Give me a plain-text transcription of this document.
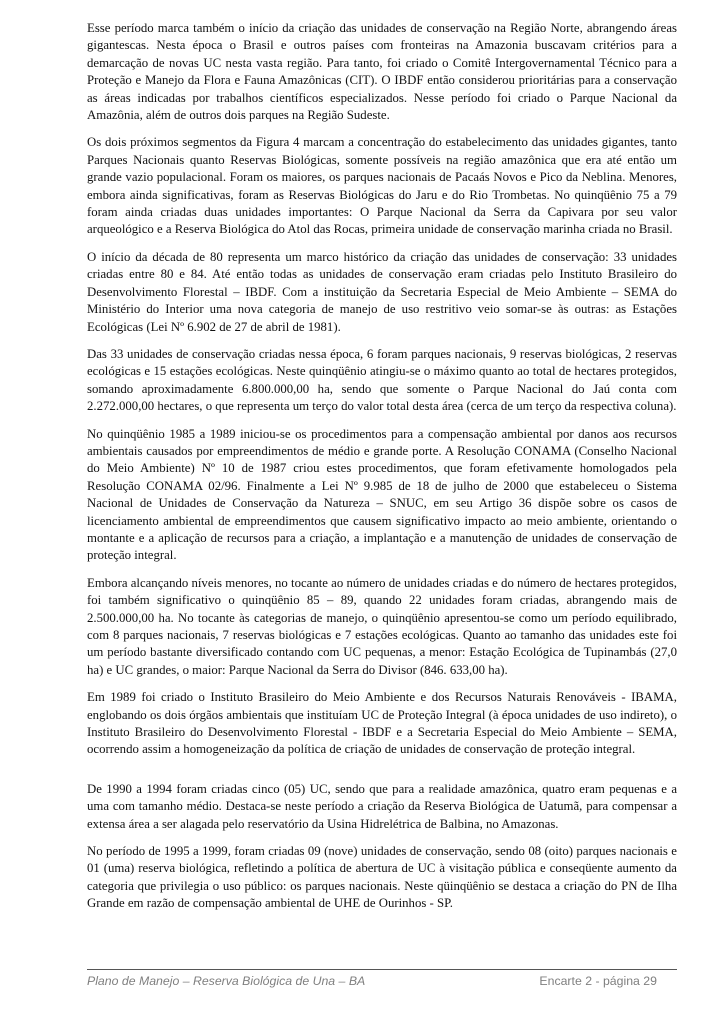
Esse período marca também o início da criação das unidades de conservação na Região Norte, abrangendo áreas gigantescas. Nesta época o Brasil e outros países com fronteiras na Amazonia buscavam critérios para a demarcação de novas UC nesta vasta região. Para tanto, foi criado o Comitê Intergovernamental Técnico para a Proteção e Manejo da Flora e Fauna Amazônicas (CIT). O IBDF então considerou prioritárias para a conservação as áreas indicadas por trabalhos científicos especializados. Nesse período foi criado o Parque Nacional da Amazônia, além de outros dois parques na Região Sudeste.

Os dois próximos segmentos da Figura 4 marcam a concentração do estabelecimento das unidades gigantes, tanto Parques Nacionais quanto Reservas Biológicas, somente possíveis na região amazônica que era até então um grande vazio populacional. Foram os maiores, os parques nacionais de Pacaás Novos e Pico da Neblina. Menores, embora ainda significativas, foram as Reservas Biológicas do Jaru e do Rio Trombetas. No quinqüênio 75 a 79 foram ainda criadas duas unidades importantes: O Parque Nacional da Serra da Capivara por seu valor arqueológico e a Reserva Biológica do Atol das Rocas, primeira unidade de conservação marinha criada no Brasil.

O início da década de 80 representa um marco histórico da criação das unidades de conservação: 33 unidades criadas entre 80 e 84. Até então todas as unidades de conservação eram criadas pelo Instituto Brasileiro do Desenvolvimento Florestal – IBDF. Com a instituição da Secretaria Especial de Meio Ambiente – SEMA do Ministério do Interior uma nova categoria de manejo de uso restritivo veio somar-se às outras: as Estações Ecológicas (Lei Nº 6.902 de 27 de abril de 1981).

Das 33 unidades de conservação criadas nessa época, 6 foram parques nacionais, 9 reservas biológicas, 2 reservas ecológicas e 15 estações ecológicas. Neste quinqüênio atingiu-se o máximo quanto ao total de hectares protegidos, somando aproximadamente 6.800.000,00 ha, sendo que somente o Parque Nacional do Jaú conta com 2.272.000,00 hectares, o que representa um terço do valor total desta área (cerca de um terço da respectiva coluna).

No quinqüênio 1985 a 1989 iniciou-se os procedimentos para a compensação ambiental por danos aos recursos ambientais causados por empreendimentos de médio e grande porte. A Resolução CONAMA (Conselho Nacional do Meio Ambiente) Nº 10 de 1987 criou estes procedimentos, que foram efetivamente homologados pela Resolução CONAMA 02/96. Finalmente a Lei Nº 9.985 de 18 de julho de 2000 que estabeleceu o Sistema Nacional de Unidades de Conservação da Natureza – SNUC, em seu Artigo 36 dispõe sobre os casos de licenciamento ambiental de empreendimentos que causem significativo impacto ao meio ambiente, orientando o montante e a aplicação de recursos para a criação, a implantação e a manutenção de unidades de conservação de proteção integral.

Embora alcançando níveis menores, no tocante ao número de unidades criadas e do número de hectares protegidos, foi também significativo o quinqüênio 85 – 89, quando 22 unidades foram criadas, abrangendo mais de 2.500.000,00 ha. No tocante às categorias de manejo, o quinqüênio apresentou-se como um período equilibrado, com 8 parques nacionais, 7 reservas biológicas e 7 estações ecológicas. Quanto ao tamanho das unidades este foi um período bastante diversificado contando com UC pequenas, a menor: Estação Ecológica de Tupinambás (27,0 ha) e UC grandes, o maior: Parque Nacional da Serra do Divisor (846. 633,00 ha).

Em 1989 foi criado o Instituto Brasileiro do Meio Ambiente e dos Recursos Naturais Renováveis - IBAMA, englobando os dois órgãos ambientais que instituíam UC de Proteção Integral (à época unidades de uso indireto), o Instituto Brasileiro do Desenvolvimento Florestal - IBDF e a Secretaria Especial do Meio Ambiente – SEMA, ocorrendo assim a homogeneização da política de criação de unidades de conservação de proteção integral.

De 1990 a 1994 foram criadas cinco (05) UC, sendo que para a realidade amazônica, quatro eram pequenas e a uma com tamanho médio. Destaca-se neste período a criação da Reserva Biológica de Uatumã, para compensar a extensa área a ser alagada pelo reservatório da Usina Hidrelétrica de Balbina, no Amazonas.

No período de 1995 a 1999, foram criadas 09 (nove) unidades de conservação, sendo 08 (oito) parques nacionais e 01 (uma) reserva biológica, refletindo a política de abertura de UC à visitação pública e conseqüente aumento da categoria que privilegia o uso público: os parques nacionais. Neste qüinqüênio se destaca a criação do PN de Ilha Grande em razão de compensação ambiental de UHE de Ourinhos - SP.

Plano de Manejo – Reserva Biológica de Una – BA	Encarte 2 - página 29
